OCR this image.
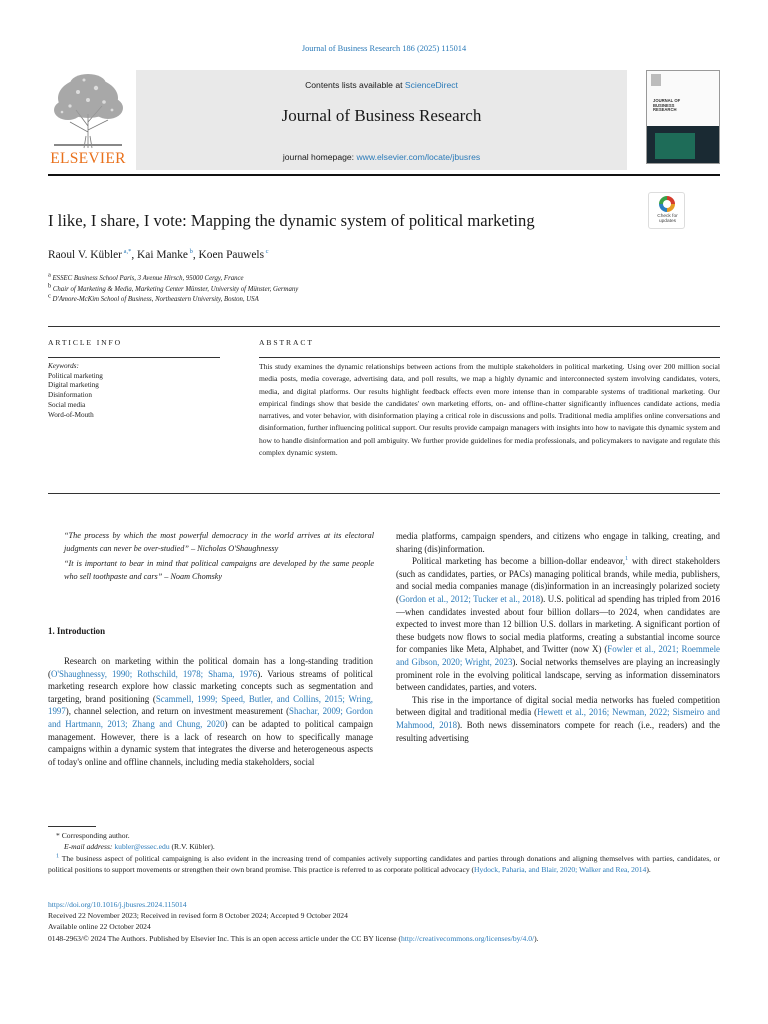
Journal of Business Research 186 (2025) 115014
ELSEVIER
Contents lists available at ScienceDirect
Journal of Business Research
journal homepage: www.elsevier.com/locate/jbusres
JOURNAL OF BUSINESS RESEARCH
I like, I share, I vote: Mapping the dynamic system of political marketing	Check for updates
Raoul V. Kübler $^{a,*}$, Kai Manke $^b$, Koen Pauwels $^c$
$^a$ ESSEC Business School Paris, 3 Avenue Hirsch, 95000 Cergy, France
$^b$ Chair of Marketing & Media, Marketing Center Münster, University of Münster, Germany
$^c$ D'Amore-McKim School of Business, Northeastern University, Boston, USA
ARTICLE INFO	ABSTRACT
Keywords:
Political marketing
Digital marketing
Disinformation
Social media
Word-of-Mouth
This study examines the dynamic relationships between actions from the multiple stakeholders in political marketing. Using over 200 million social media posts, media coverage, advertising data, and poll results, we map a highly dynamic and interconnected system involving candidates, voters, media, and digital platforms. Our results highlight feedback effects even more intense than in comparable systems of traditional marketing. Our empirical findings show that beside the candidates' own marketing efforts, on- and offline-chatter significantly influences candidate actions, media narratives, and voter behavior, with disinformation playing a critical role in discussions and polls. Traditional media amplifies online conversations and disinformation, further influencing political support. Our results provide campaign managers with insights into how to navigate this dynamic system and how to handle disinformation and poll ambiguity. We further provide guidelines for media professionals, and policymakers to navigate and regulate this complex dynamic system.

“The process by which the most powerful democracy in the world arrives at its electoral judgments can never be over-studied” – Nicholas O'Shaughnessy

“It is important to bear in mind that political campaigns are developed by the same people who sell toothpaste and cars” – Noam Chomsky

1. Introduction

Research on marketing within the political domain has a long-standing tradition (O'Shaughnessy, 1990; Rothschild, 1978; Shama, 1976). Various streams of political marketing research explore how classic marketing concepts such as segmentation and targeting, brand positioning (Scammell, 1999; Speed, Butler, and Collins, 2015; Wring, 1997), channel selection, and return on investment measurement (Shachar, 2009; Gordon and Hartmann, 2013; Zhang and Chung, 2020) can be adapted to political campaign management. However, there is a lack of research on how to specifically manage campaigns within a dynamic system that integrates the diverse and heterogeneous aspects of today's online and offline channels, including media stakeholders, social

media platforms, campaign spenders, and citizens who engage in talking, creating, and sharing (dis)information.

Political marketing has become a billion-dollar endeavor,$^1$ with direct stakeholders (such as candidates, parties, or PACs) managing political brands, while media, publishers, and social media companies manage (dis)information in an increasingly polarized society (Gordon et al., 2012; Tucker et al., 2018). U.S. political ad spending has tripled from 2016—when candidates invested about four billion dollars—to 2024, when candidates are expected to invest more than 12 billion U.S. dollars in marketing. A significant portion of these budgets now flows to social media platforms, creating a substantial income source for companies like Meta, Alphabet, and Twitter (now X) (Fowler et al., 2021; Roemmele and Gibson, 2020; Wright, 2023). Social networks themselves are playing an increasingly prominent role in the evolving political landscape, serving as information disseminators between candidates, parties, and voters.

This rise in the importance of digital social media networks has fueled competition between digital and traditional media (Hewett et al., 2016; Newman, 2022; Sismeiro and Mahmood, 2018). Both news disseminators compete for reach (i.e., readers) and the resulting advertising

* Corresponding author.
E-mail address: kubler@essec.edu (R.V. Kübler).
$^1$ The business aspect of political campaigning is also evident in the increasing trend of companies actively supporting candidates and parties through donations and aligning themselves with parties, candidates, or political positions to support movements or strengthen their own brand promise. This practice is referred to as corporate political advocacy (Hydock, Paharia, and Blair, 2020; Walker and Rea, 2014).
https://doi.org/10.1016/j.jbusres.2024.115014
Received 22 November 2023; Received in revised form 8 October 2024; Accepted 9 October 2024
Available online 22 October 2024
0148-2963/© 2024 The Authors. Published by Elsevier Inc. This is an open access article under the CC BY license (http://creativecommons.org/licenses/by/4.0/).
